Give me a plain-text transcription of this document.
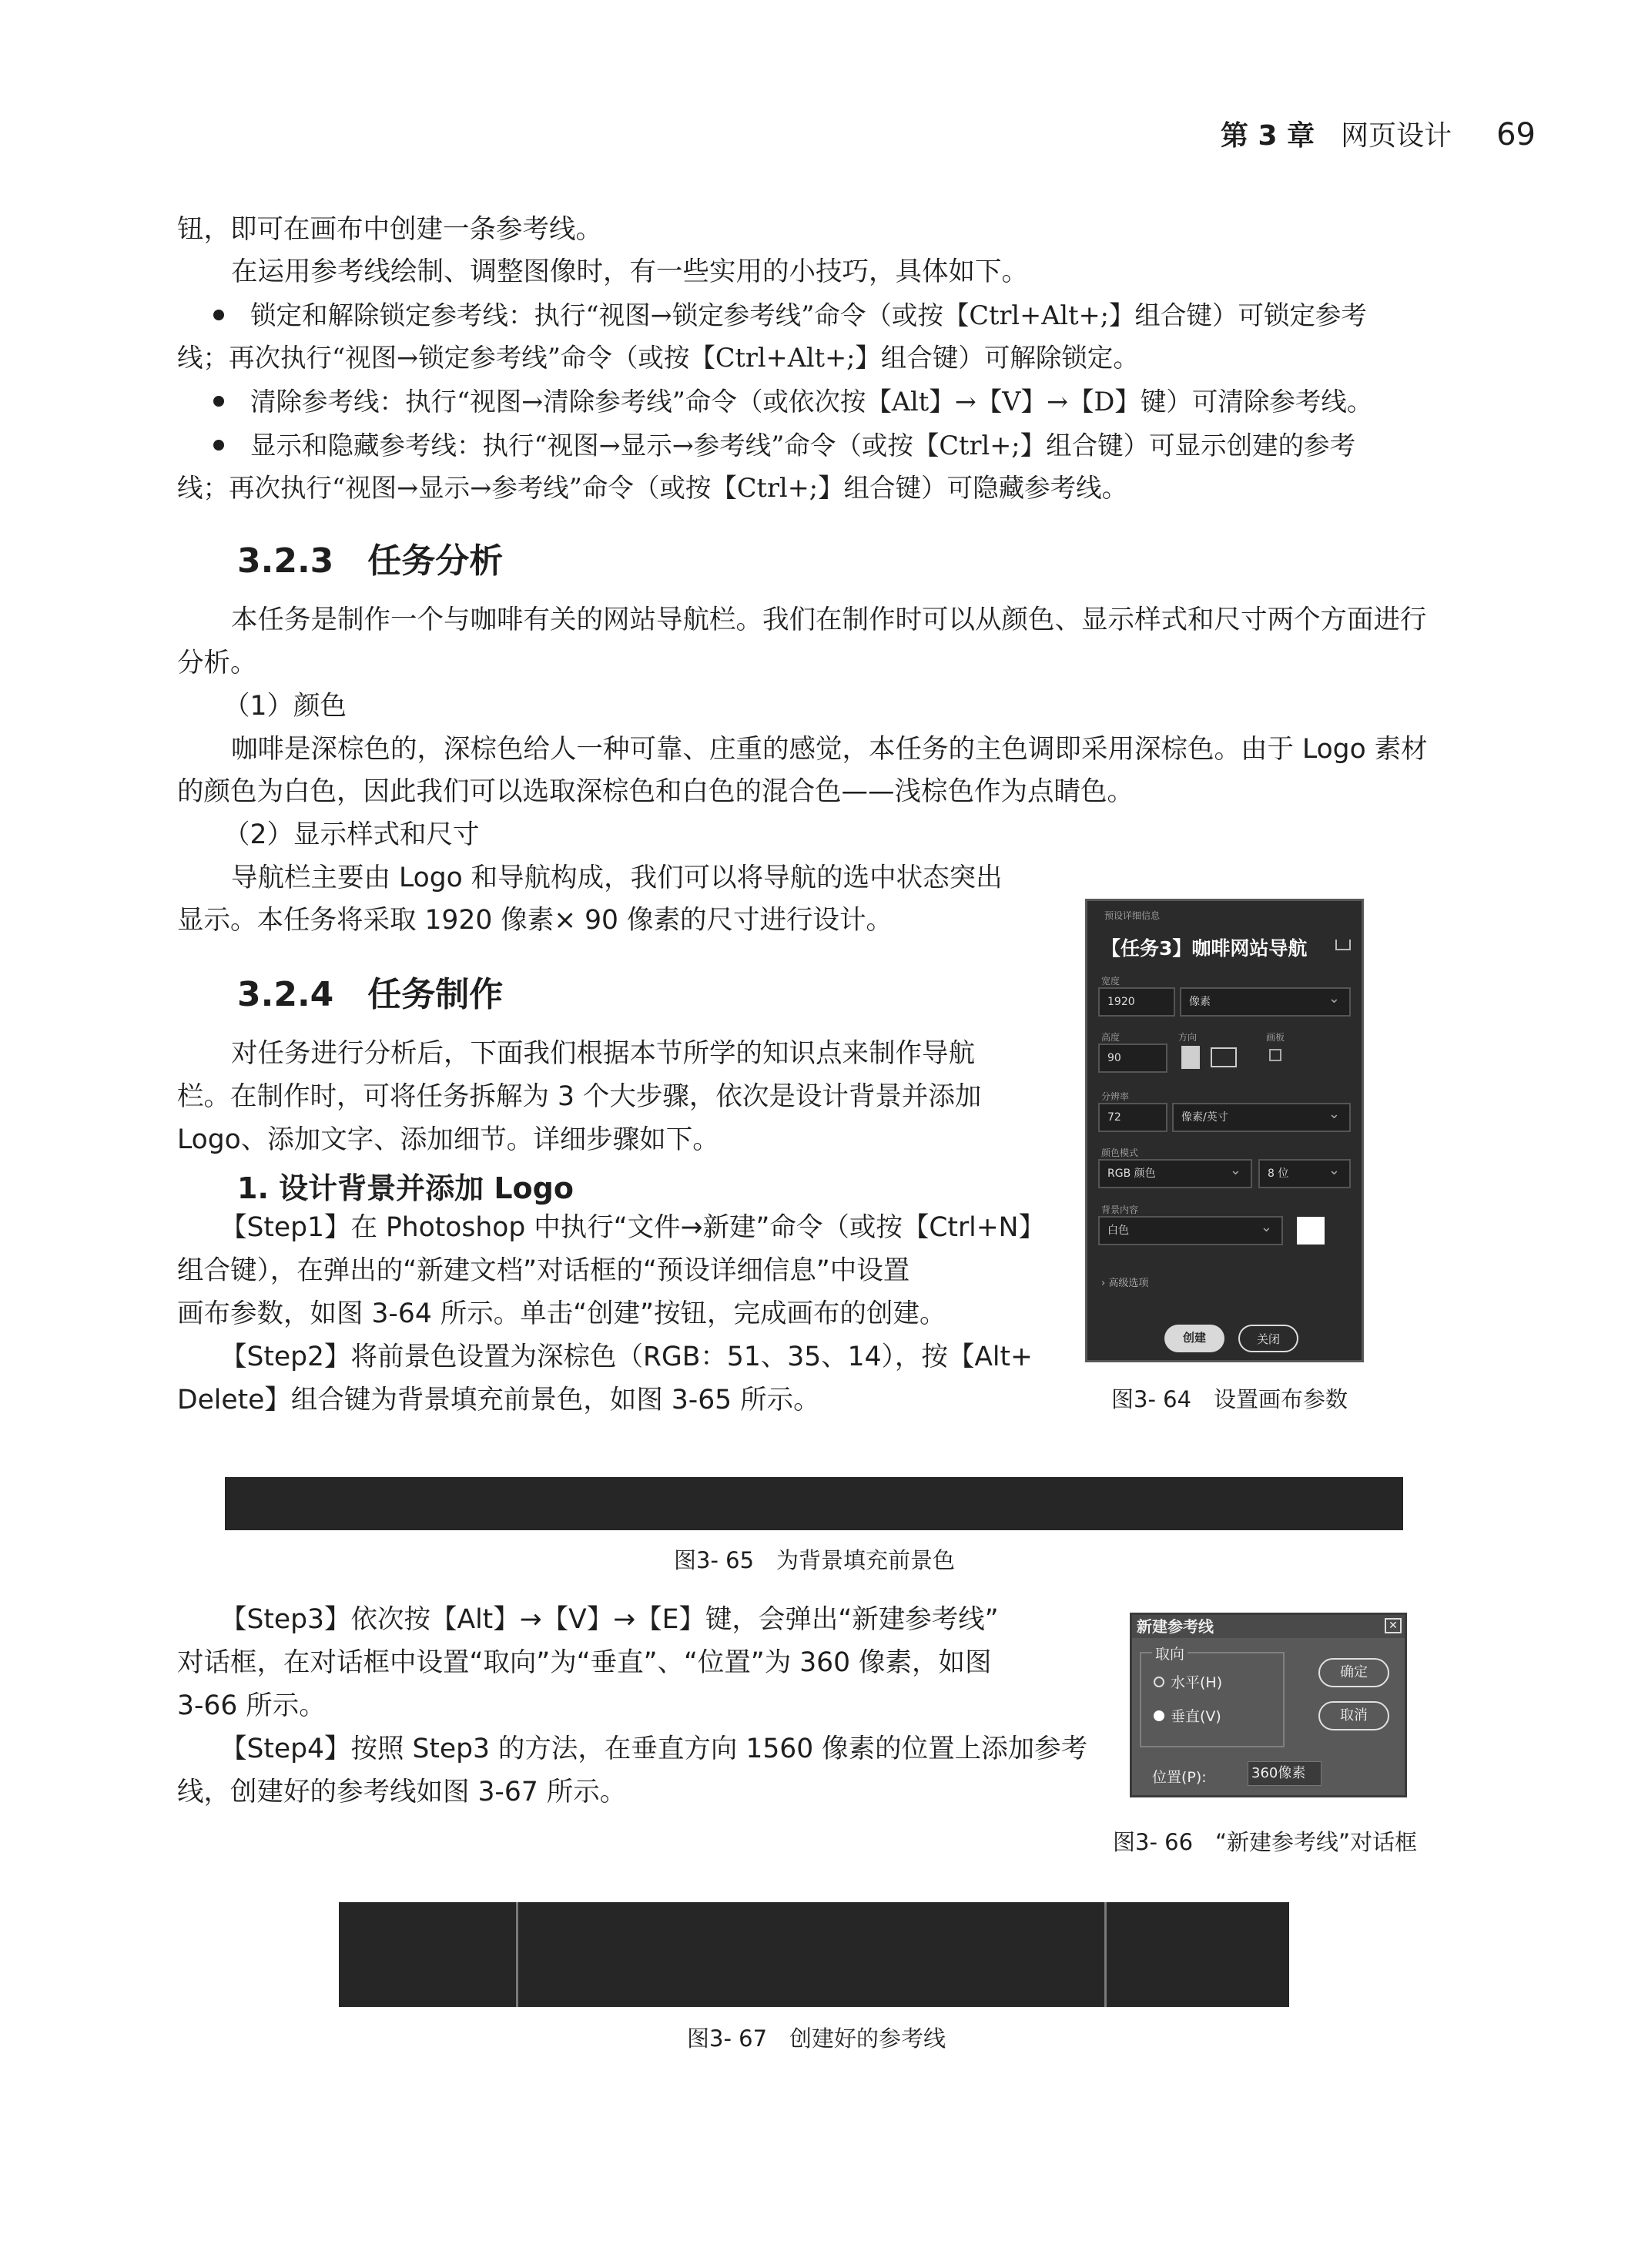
第 3 章 网页设计 69
钮，即可在画布中创建一条参考线。
在运用参考线绘制、调整图像时，有一些实用的小技巧，具体如下。
锁定和解除锁定参考线：执行“视图→锁定参考线”命令（或按【Ctrl+Alt+;】组合键）可锁定参考
线；再次执行“视图→锁定参考线”命令（或按【Ctrl+Alt+;】组合键）可解除锁定。
清除参考线：执行“视图→清除参考线”命令（或依次按【Alt】→【V】→【D】键）可清除参考线。
显示和隐藏参考线：执行“视图→显示→参考线”命令（或按【Ctrl+;】组合键）可显示创建的参考
线；再次执行“视图→显示→参考线”命令（或按【Ctrl+;】组合键）可隐藏参考线。
3.2.3　任务分析
本任务是制作一个与咖啡有关的网站导航栏。我们在制作时可以从颜色、显示样式和尺寸两个方面进行
分析。
（1）颜色
咖啡是深棕色的，深棕色给人一种可靠、庄重的感觉，本任务的主色调即采用深棕色。由于 Logo 素材
的颜色为白色，因此我们可以选取深棕色和白色的混合色——浅棕色作为点睛色。
（2）显示样式和尺寸
导航栏主要由 Logo 和导航构成，我们可以将导航的选中状态突出
显示。本任务将采取 1920 像素× 90 像素的尺寸进行设计。
3.2.4　任务制作
对任务进行分析后，下面我们根据本节所学的知识点来制作导航
栏。在制作时，可将任务拆解为 3 个大步骤，依次是设计背景并添加
Logo、添加文字、添加细节。详细步骤如下。
1. 设计背景并添加 Logo
【Step1】在 Photoshop 中执行“文件→新建”命令（或按【Ctrl+N】
组合键），在弹出的“新建文档”对话框的“预设详细信息”中设置
画布参数，如图 3-64 所示。单击“创建”按钮，完成画布的创建。
【Step2】将前景色设置为深棕色（RGB：51、35、14），按【Alt+
Delete】组合键为背景填充前景色，如图 3-65 所示。
预设详细信息
【任务3】咖啡网站导航
宽度
1920	像素 ⌄
高度	方向	画板
90
分辨率
72	像素/英寸 ⌄
颜色模式
RGB 颜色 ⌄	8 位 ⌄
背景内容
白色 ⌄
› 高级选项
创建	关闭
图3- 64　设置画布参数
图3- 65　为背景填充前景色
【Step3】依次按【Alt】→【V】→【E】键，会弹出“新建参考线”
对话框，在对话框中设置“取向”为“垂直”、“位置”为 360 像素，如图
3-66 所示。
【Step4】按照 Step3 的方法，在垂直方向 1560 像素的位置上添加参考
线，创建好的参考线如图 3-67 所示。
新建参考线	✕
取向
水平(H)
垂直(V)
确定
取消
位置(P):	360像素
图3- 66　“新建参考线”对话框
图3- 67　创建好的参考线
